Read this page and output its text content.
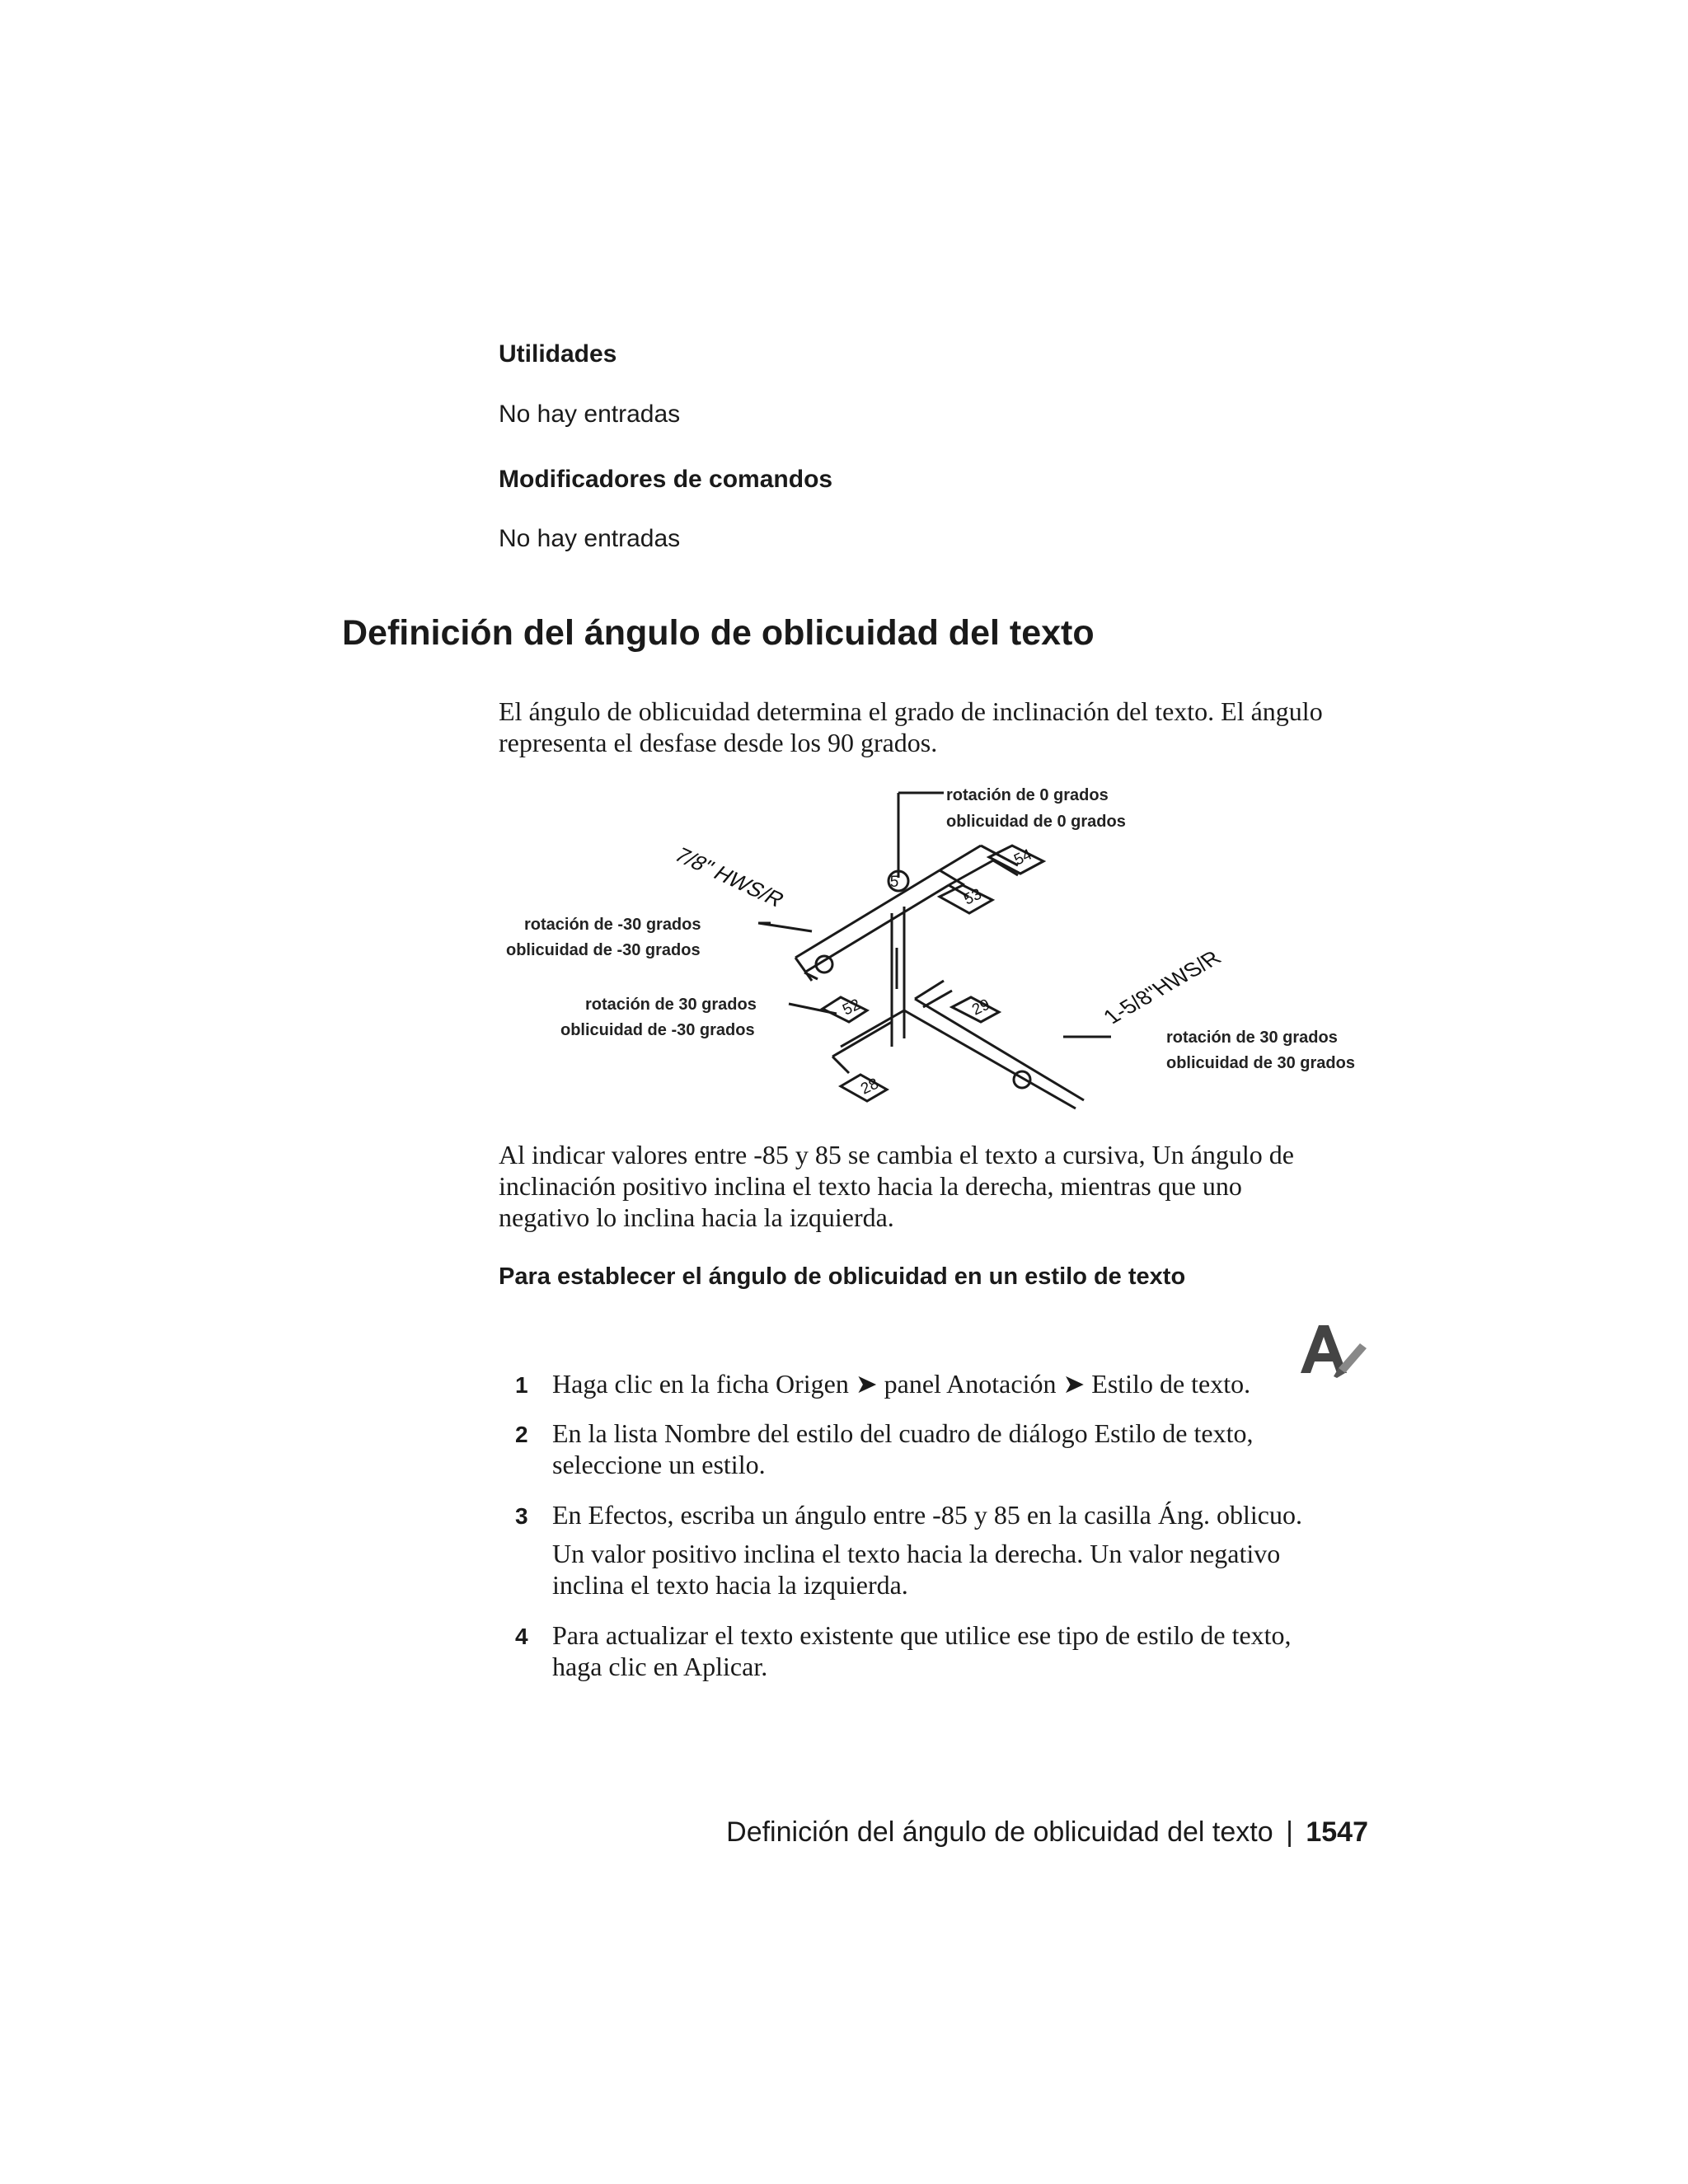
Utilidades
No hay entradas
Modificadores de comandos
No hay entradas
Definición del ángulo de oblicuidad del texto
El ángulo de oblicuidad determina el grado de inclinación del texto. El ángulo
representa el desfase desde los 90 grados.
5
54
53
52	29
28
7/8" HWS/R
1-5/8"HWS/R
rotación de 0 grados
oblicuidad de 0 grados
rotación de -30 grados
oblicuidad de -30 grados
rotación de 30 grados
oblicuidad de -30 grados	rotación de 30 grados
oblicuidad de 30 grados
Al indicar valores entre -85 y 85 se cambia el texto a cursiva, Un ángulo de
inclinación positivo inclina el texto hacia la derecha, mientras que uno
negativo lo inclina hacia la izquierda.
Para establecer el ángulo de oblicuidad en un estilo de texto
1 Haga clic en la ficha Origen ➤ panel Anotación ➤ Estilo de texto.
2 En la lista Nombre del estilo del cuadro de diálogo Estilo de texto,
seleccione un estilo.
3 En Efectos, escriba un ángulo entre -85 y 85 en la casilla Áng. oblicuo.
Un valor positivo inclina el texto hacia la derecha. Un valor negativo
inclina el texto hacia la izquierda.
4 Para actualizar el texto existente que utilice ese tipo de estilo de texto,
haga clic en Aplicar.
Definición del ángulo de oblicuidad del texto | 1547
